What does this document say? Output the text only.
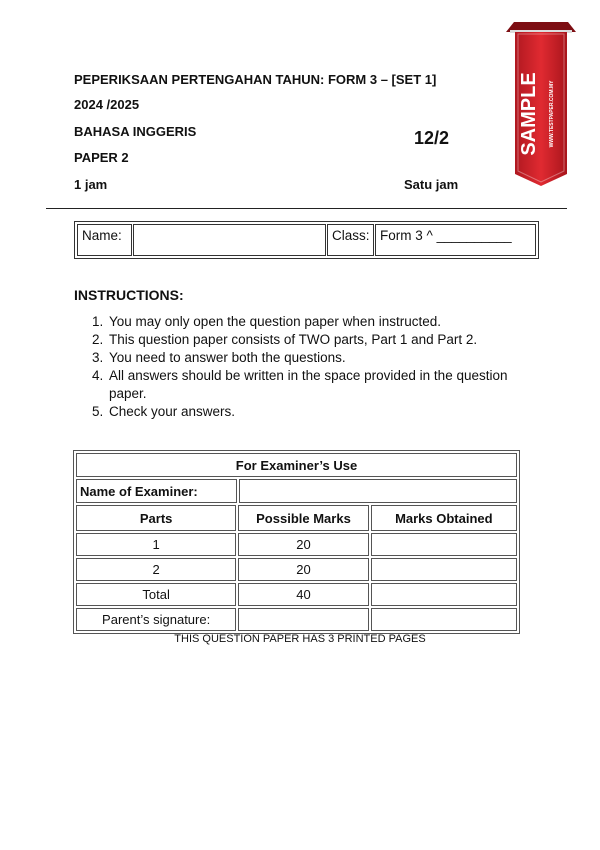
PEPERIKSAAN PERTENGAHAN TAHUN: FORM 3 – [SET 1]
2024 /2025
BAHASA INGGERIS
PAPER 2
1 jam
12/2
Satu jam
SAMPLE WWW.TESTPAPER.COM.MY
Name:	Class: Form 3 ^ __________
INSTRUCTIONS:
1. You may only open the question paper when instructed.
2. This question paper consists of TWO parts, Part 1 and Part 2.
3. You need to answer both the questions.
4. All answers should be written in the space provided in the question paper.
5. Check your answers.
For Examiner’s Use
Name of Examiner:
Parts	Possible Marks	Marks Obtained
1	20
2	20
Total	40
Parent’s signature:
THIS QUESTION PAPER HAS 3 PRINTED PAGES
